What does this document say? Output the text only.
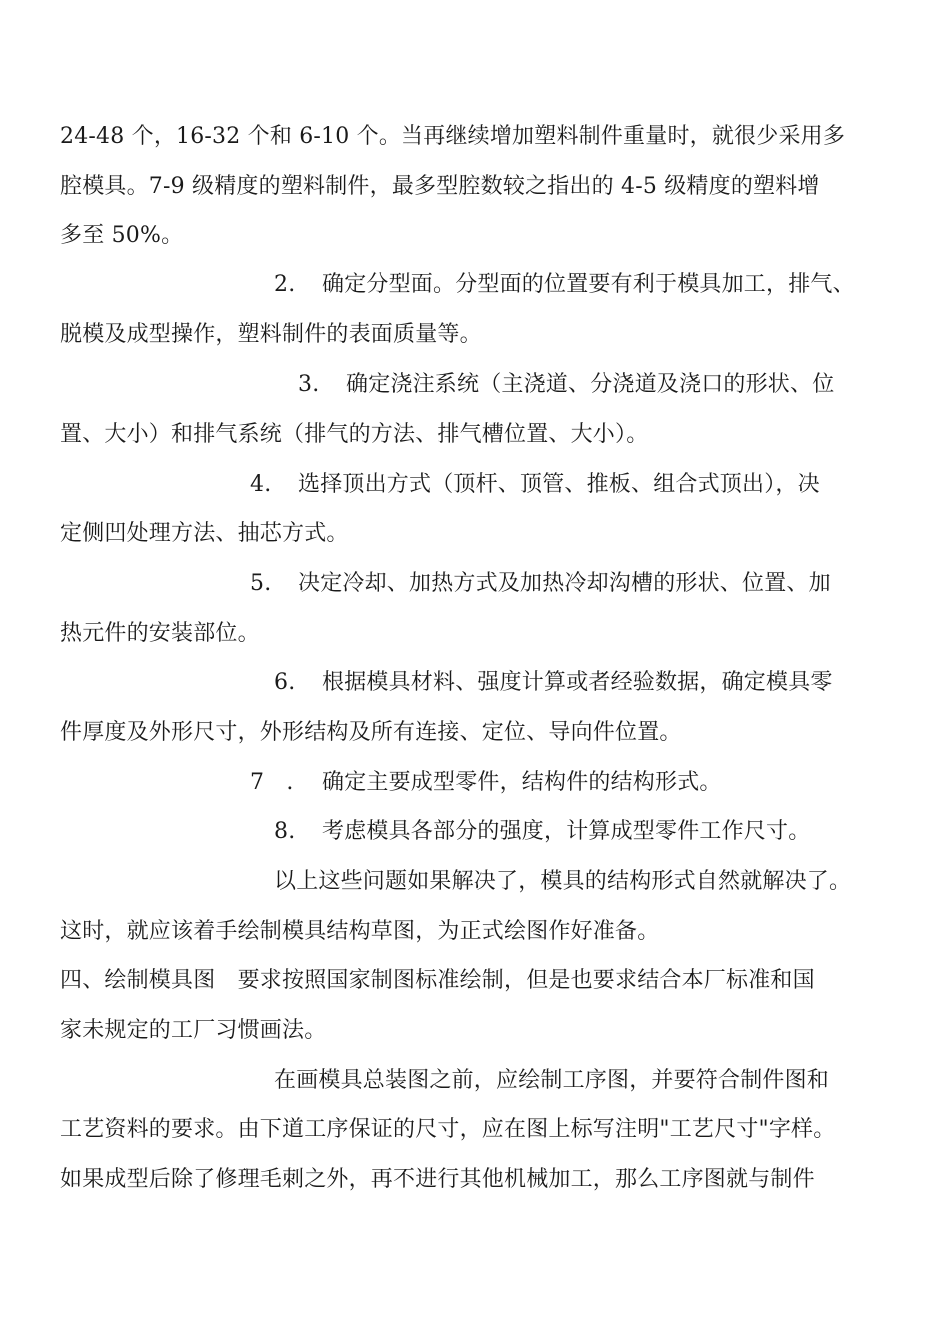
24-48 个，16-32 个和 6-10 个。当再继续增加塑料制件重量时，就很少采用多
腔模具。7-9 级精度的塑料制件，最多型腔数较之指出的 4-5 级精度的塑料增
多至 50%。
2. 确定分型面。分型面的位置要有利于模具加工，排气、
脱模及成型操作，塑料制件的表面质量等。
3. 确定浇注系统（主浇道、分浇道及浇口的形状、位
置、大小）和排气系统（排气的方法、排气槽位置、大小）。
4. 选择顶出方式（顶杆、顶管、推板、组合式顶出），决
定侧凹处理方法、抽芯方式。
5. 决定冷却、加热方式及加热冷却沟槽的形状、位置、加
热元件的安装部位。
6. 根据模具材料、强度计算或者经验数据，确定模具零
件厚度及外形尺寸，外形结构及所有连接、定位、导向件位置。
7　. 确定主要成型零件，结构件的结构形式。
8. 考虑模具各部分的强度，计算成型零件工作尺寸。
以上这些问题如果解决了，模具的结构形式自然就解决了。
这时，就应该着手绘制模具结构草图，为正式绘图作好准备。
四、绘制模具图　要求按照国家制图标准绘制，但是也要求结合本厂标准和国
家未规定的工厂习惯画法。
在画模具总装图之前，应绘制工序图，并要符合制件图和
工艺资料的要求。由下道工序保证的尺寸，应在图上标写注明"工艺尺寸"字样。
如果成型后除了修理毛刺之外，再不进行其他机械加工，那么工序图就与制件
